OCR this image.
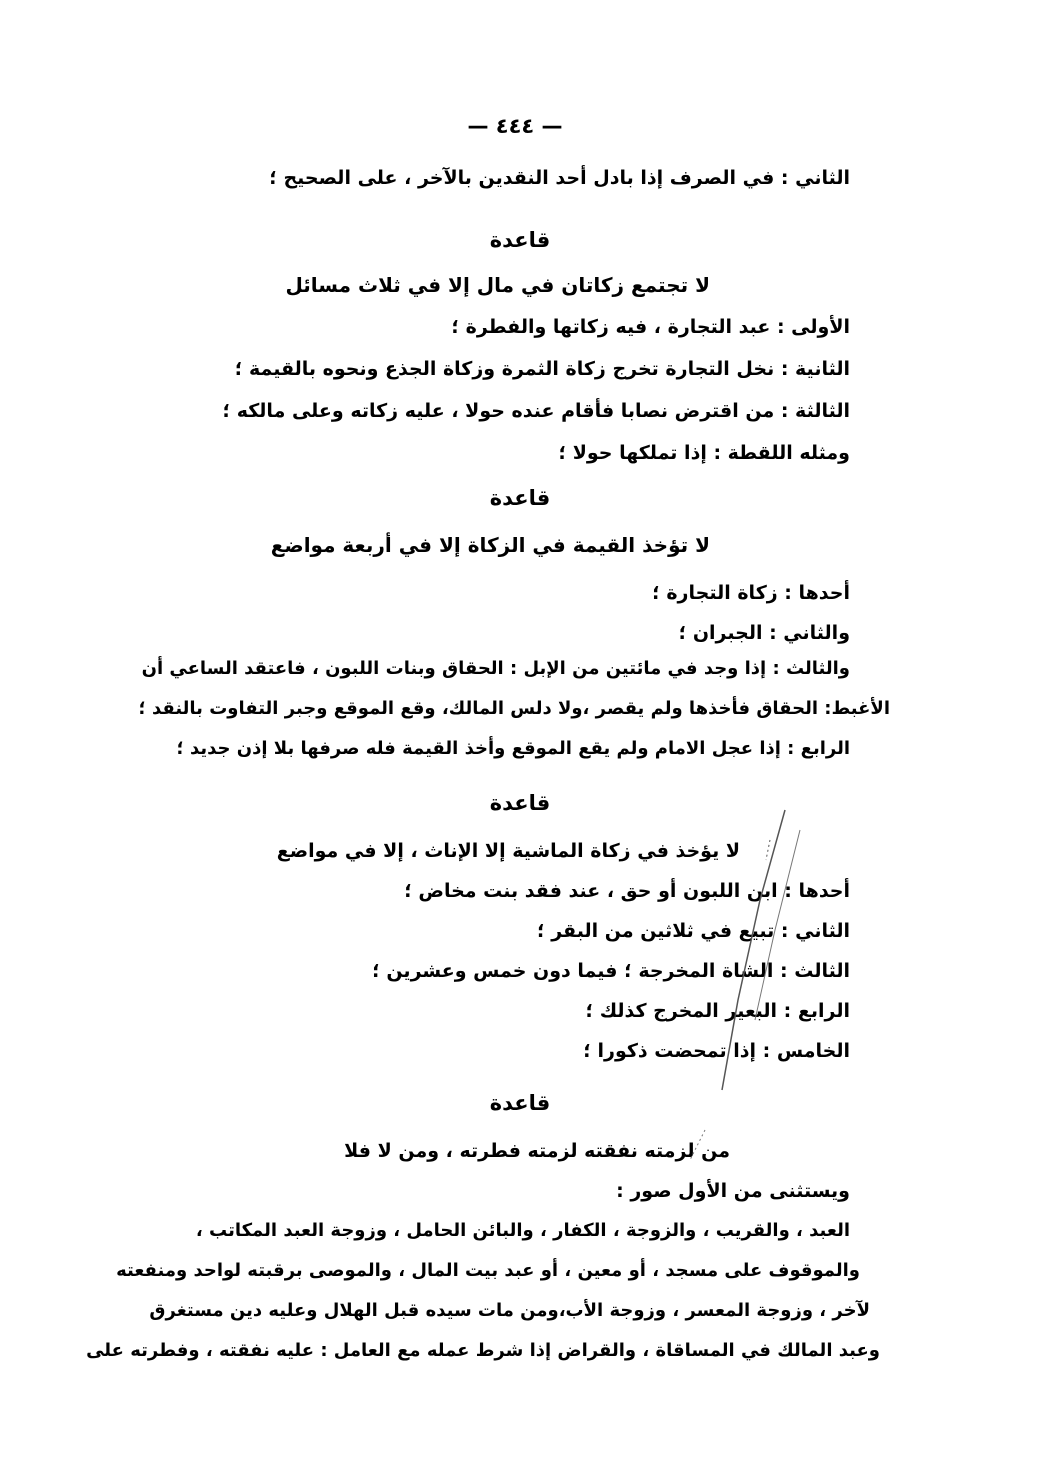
— ٤٤٤ —
الثاني : في الصرف إذا بادل أحد النقدين بالآخر ، على الصحيح ؛
قاعدة
لا تجتمع زكاتان في مال إلا في ثلاث مسائل
الأولى : عبد التجارة ، فيه زكاتها والفطرة ؛
الثانية : نخل التجارة تخرج زكاة الثمرة وزكاة الجذع ونحوه بالقيمة ؛
الثالثة : من اقترض نصابا فأقام عنده حولا ، عليه زكاته وعلى مالكه ؛
ومثله اللقطة : إذا تملكها حولا ؛
قاعدة
لا تؤخذ القيمة في الزكاة إلا في أربعة مواضع
أحدها : زكاة التجارة ؛
والثاني : الجبران ؛
والثالث : إذا وجد في مائتين من الإبل : الحقاق وبنات اللبون ، فاعتقد الساعي أن
الأغبط: الحقاق فأخذها ولم يقصر ،ولا دلس المالك، وقع الموقع وجبر التفاوت بالنقد ؛
الرابع : إذا عجل الامام ولم يقع الموقع وأخذ القيمة فله صرفها بلا إذن جديد ؛
قاعدة
لا يؤخذ في زكاة الماشية إلا الإناث ، إلا في مواضع
أحدها : ابن اللبون أو حق ، عند فقد بنت مخاض ؛
الثاني : تبيع في ثلاثين من البقر ؛
الثالث : الشاة المخرجة ؛ فيما دون خمس وعشرين ؛
الرابع : البعير المخرج كذلك ؛
الخامس : إذا تمحضت ذكورا ؛
قاعدة
من لزمته نفقته لزمته فطرته ، ومن لا فلا
ويستثنى من الأول صور :
العبد ، والقريب ، والزوجة ، الكفار ، والبائن الحامل ، وزوجة العبد المكاتب ،
والموقوف على مسجد ، أو معين ، أو عبد بيت المال ، والموصى برقبته لواحد ومنفعته
لآخر ، وزوجة المعسر ، وزوجة الأب،ومن مات سيده قبل الهلال وعليه دين مستغرق
وعبد المالك في المساقاة ، والقراض إذا شرط عمله مع العامل : عليه نفقته ، وفطرته على
